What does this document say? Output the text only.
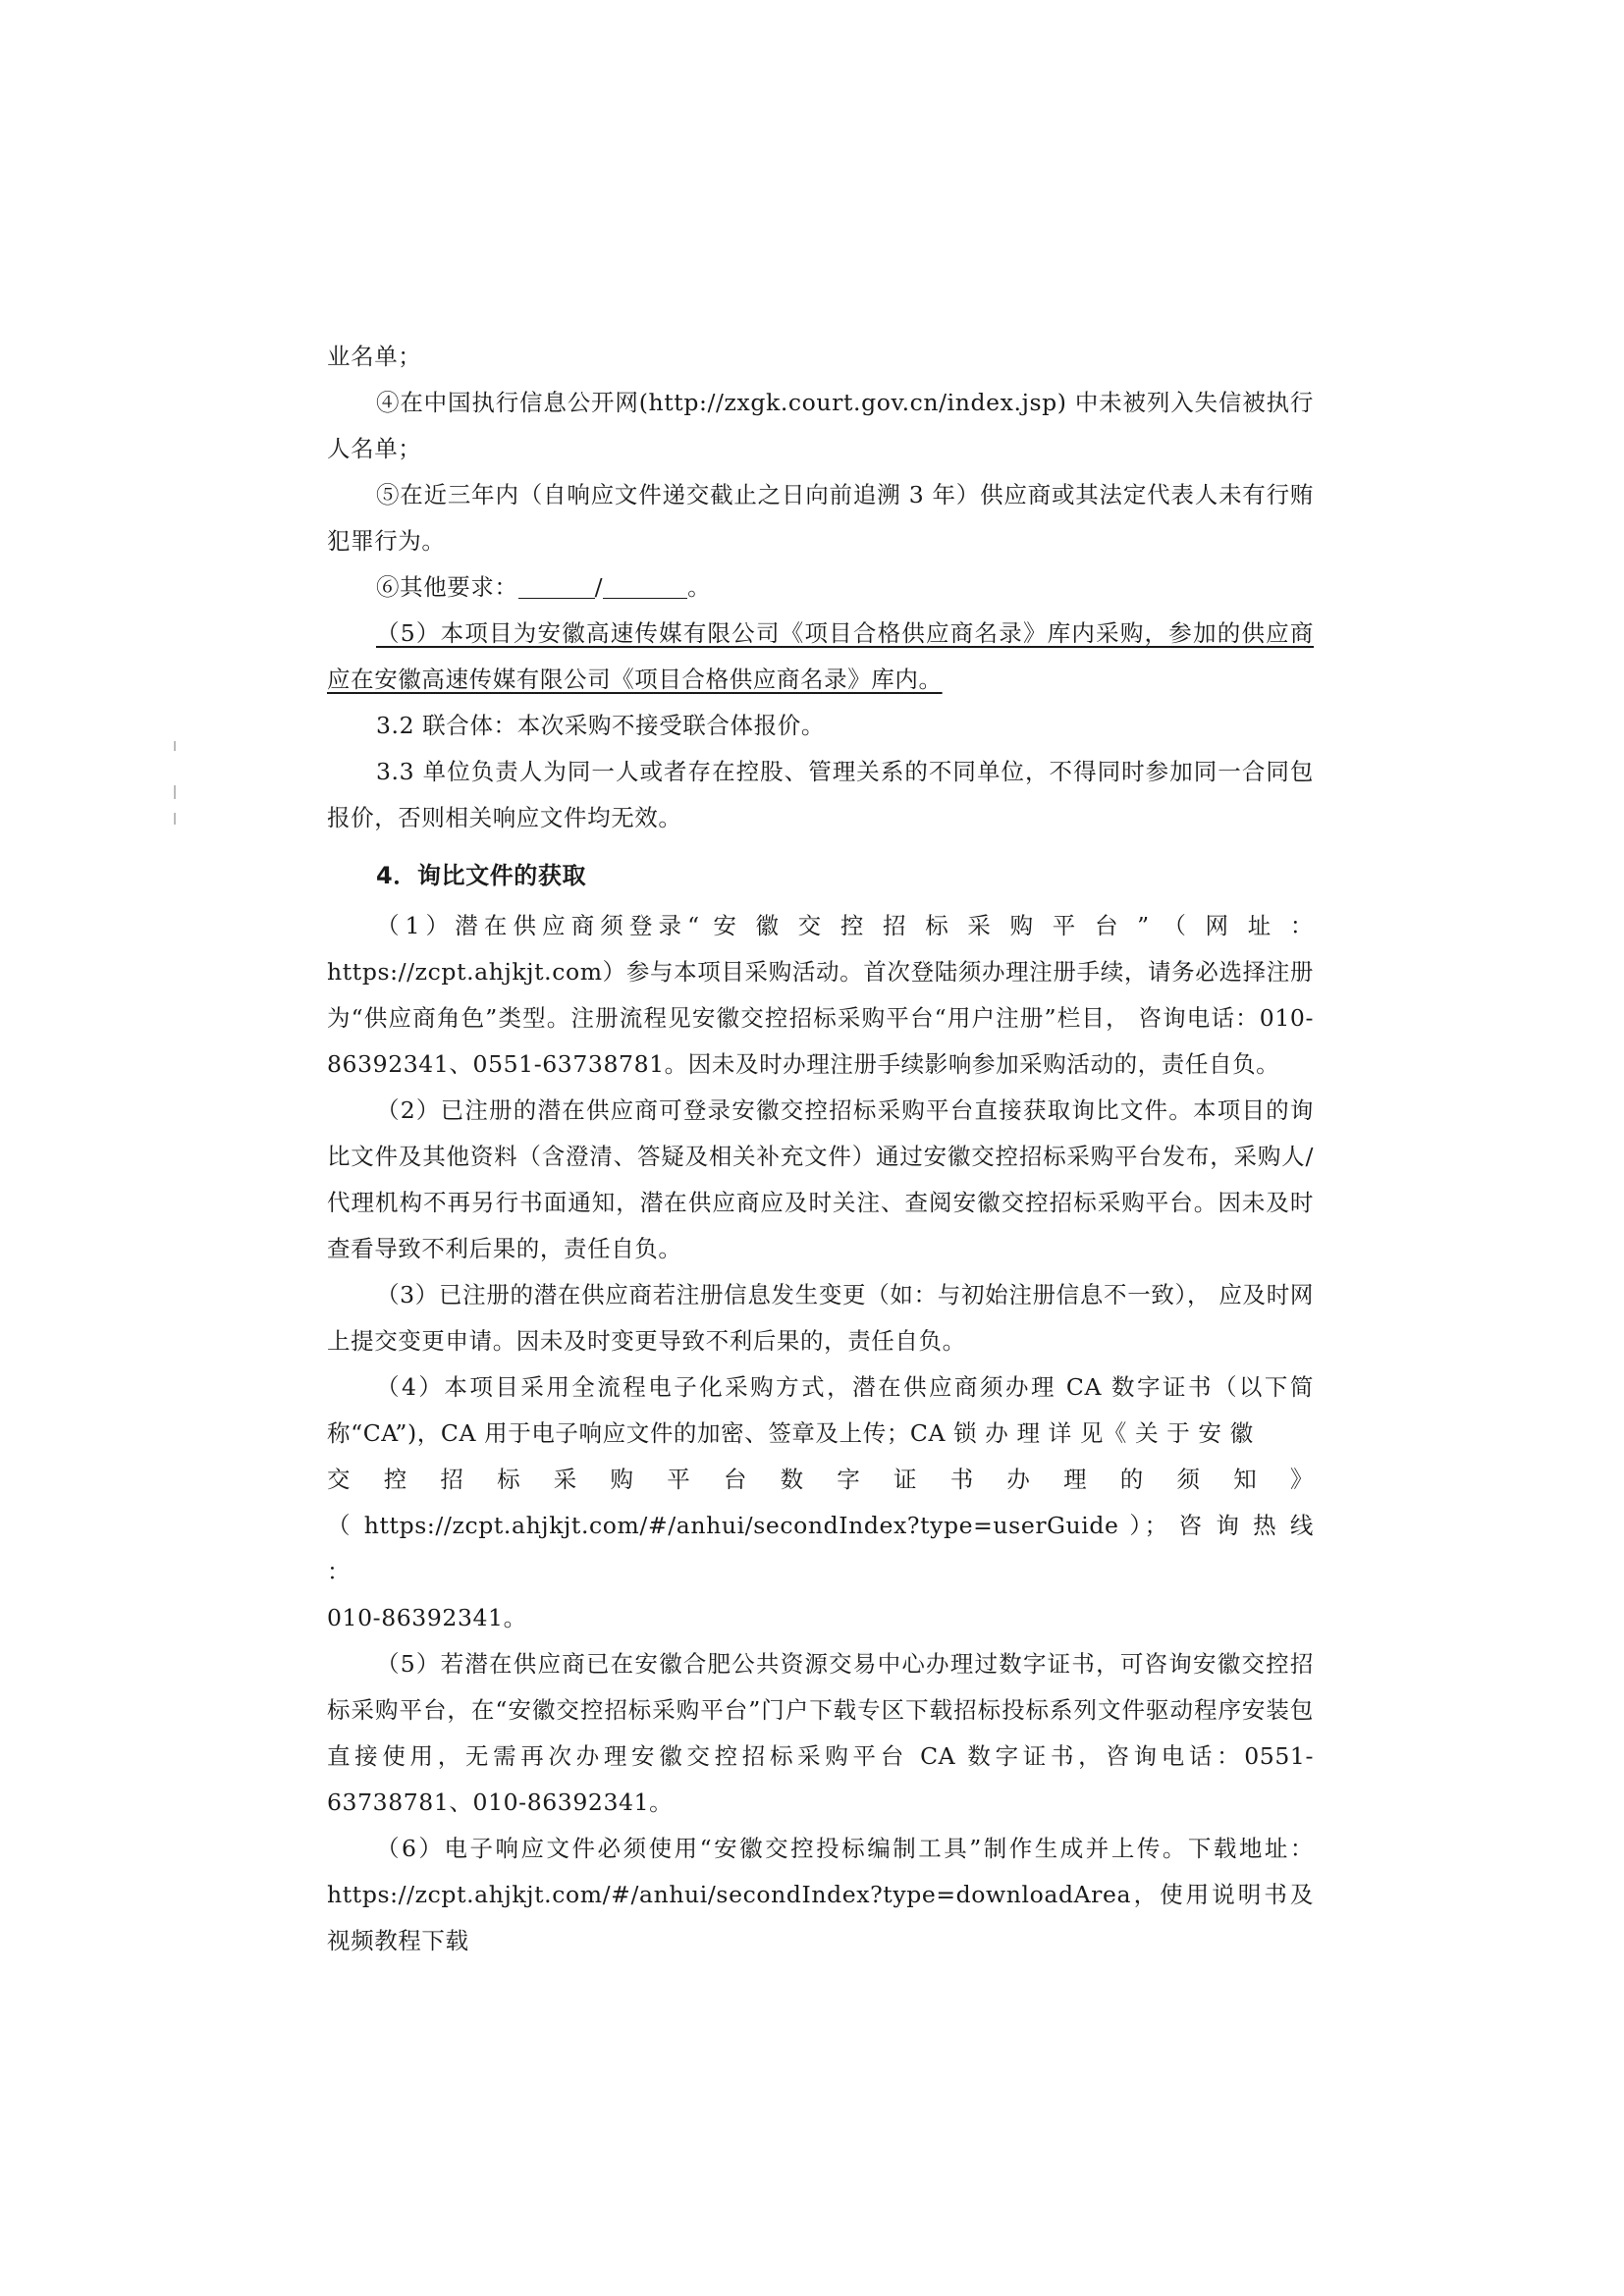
业名单；

④在中国执行信息公开网(http://zxgk.court.gov.cn/index.jsp) 中未被列入失信被执行人名单；

⑤在近三年内（自响应文件递交截止之日向前追溯 3 年）供应商或其法定代表人未有行贿犯罪行为。

⑥其他要求：	/	。

（5）本项目为安徽高速传媒有限公司《项目合格供应商名录》库内采购，参加的供应商应在安徽高速传媒有限公司《项目合格供应商名录》库内。

3.2 联合体：本次采购不接受联合体报价。

3.3 单位负责人为同一人或者存在控股、管理关系的不同单位，不得同时参加同一合同包报价，否则相关响应文件均无效。

4．询比文件的获取

（1）潜在供应商须登录“ 安 徽 交 控 招 标 采 购 平 台 ” （ 网 址 ：

https://zcpt.ahjkjt.com）参与本项目采购活动。首次登陆须办理注册手续，请务必选择注册为“供应商角色”类型。注册流程见安徽交控招标采购平台“用户注册”栏目， 咨询电话：010-86392341、0551-63738781。因未及时办理注册手续影响参加采购活动的，责任自负。

（2）已注册的潜在供应商可登录安徽交控招标采购平台直接获取询比文件。本项目的询比文件及其他资料（含澄清、答疑及相关补充文件）通过安徽交控招标采购平台发布，采购人/代理机构不再另行书面通知，潜在供应商应及时关注、查阅安徽交控招标采购平台。因未及时查看导致不利后果的，责任自负。

（3）已注册的潜在供应商若注册信息发生变更（如：与初始注册信息不一致）， 应及时网上提交变更申请。因未及时变更导致不利后果的，责任自负。

（4）本项目采用全流程电子化采购方式，潜在供应商须办理 CA 数字证书（以下简称“CA”)，CA 用于电子响应文件的加密、签章及上传；CA 锁 办 理 详 见《 关 于 安 徽

交 控 招 标 采 购 平 台 数 字 证 书 办 理 的 须 知 》

（ https://zcpt.ahjkjt.com/#/anhui/secondIndex?type=userGuide ）； 咨 询 热 线 ：

010-86392341。

（5）若潜在供应商已在安徽合肥公共资源交易中心办理过数字证书，可咨询安徽交控招标采购平台，在“安徽交控招标采购平台”门户下载专区下载招标投标系列文件驱动程序安装包直接使用，无需再次办理安徽交控招标采购平台 CA 数字证书，咨询电话：0551-63738781、010-86392341。

（6）电子响应文件必须使用“安徽交控投标编制工具”制作生成并上传。下载地址：https://zcpt.ahjkjt.com/#/anhui/secondIndex?type=downloadArea，使用说明书及视频教程下载
